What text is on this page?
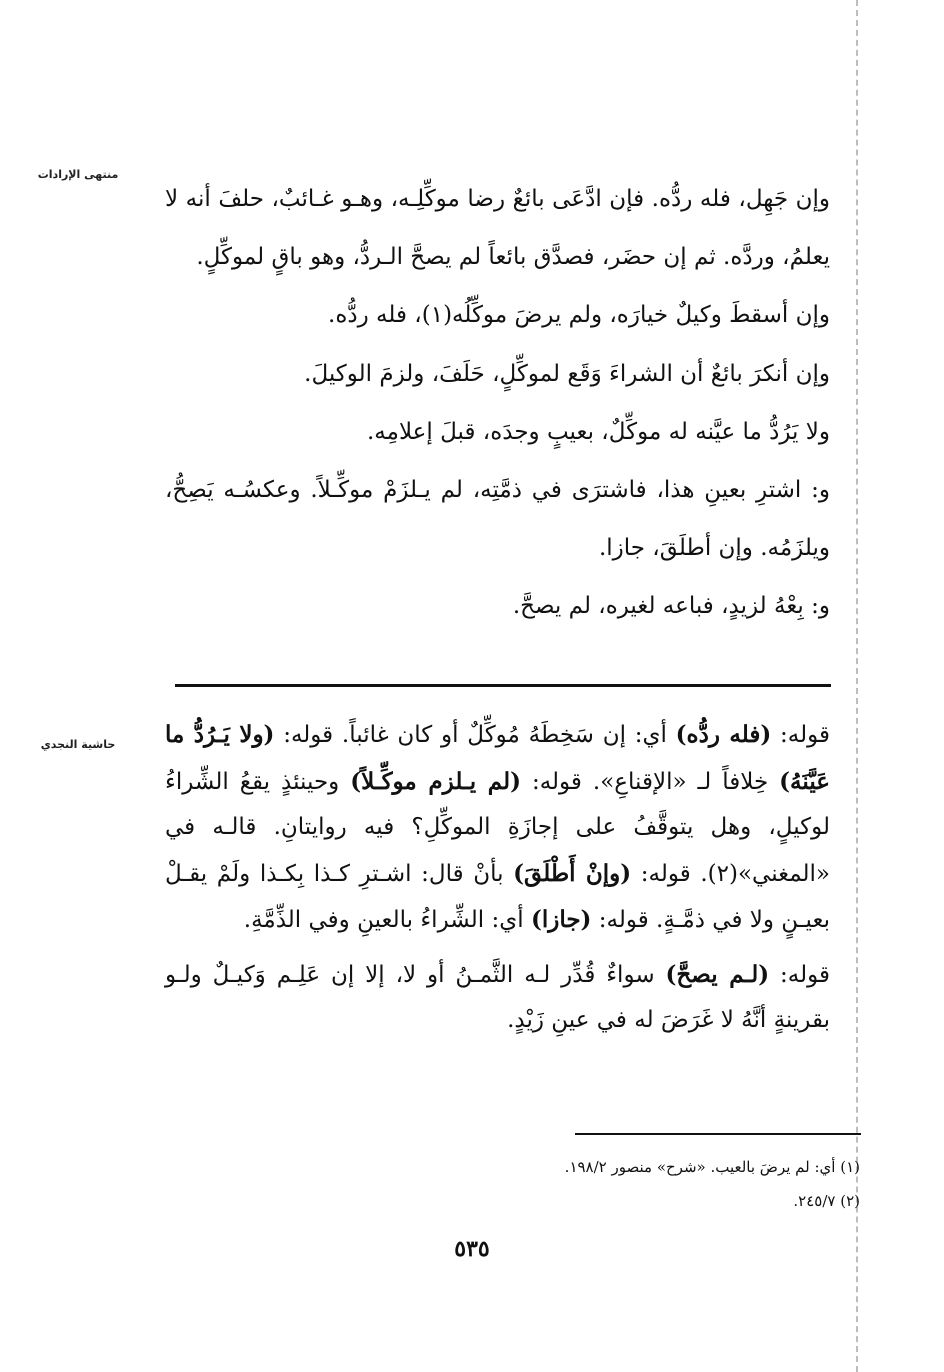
منتهى الإرادات
حاشية النجدي

وإن جَهِل، فله ردُّه. فإن ادَّعَى بائعٌ رضا موكِّلِـه، وهـو غـائبٌ، حلفَ أنه لا يعلمُ، وردَّه. ثم إن حضَر، فصدَّق بائعاً لم يصحَّ الـردُّ، وهو باقٍ لموكِّلٍ.

وإن أسقطَ وكيلٌ خيارَه، ولم يرضَ موكِّلُه(١)، فله ردُّه.

وإن أنكرَ بائعٌ أن الشراءَ وَقَع لموكِّلٍ، حَلَفَ، ولزمَ الوكيلَ.

ولا يَرُدُّ ما عيَّنه له موكِّلٌ، بعيبٍ وجدَه، قبلَ إعلامِه.

و: اشترِ بعينِ هذا، فاشترَى في ذمَّتِه، لم يـلزَمْ موكِّـلاً. وعكسُـه يَصِحُّ، ويلزَمُه. وإن أطلَقَ، جازا.

و: بِعْهُ لزيدٍ، فباعه لغيره، لم يصحَّ.

قوله: (فله ردُّه) أي: إن سَخِطَهُ مُوكِّلٌ أو كان غائباً. قوله: (ولا يَـرُدُّ ما عَيَّنَهُ) خِلافاً لـ «الإقناعِ». قوله: (لم يـلزم موكِّـلاً) وحينئذٍ يقعُ الشِّراءُ لوكيلٍ، وهل يتوقَّفُ على إجازَةِ الموكِّلِ؟ فيه روايتانِ. قالـه في «المغني»(٢). قوله: (وإنْ أَطْلَقَ) بأنْ قال: اشـترِ كـذا بِكـذا ولَمْ يقـلْ بعيـنٍ ولا في ذمَّـةٍ. قوله: (جازا) أي: الشِّراءُ بالعينِ وفي الذِّمَّةِ.

قوله: (لـم يصحَّ) سواءٌ قُدِّر لـه الثَّمـنُ أو لا، إلا إن عَلِـم وَكيـلٌ ولـو بقرينةٍ أنَّهُ لا غَرَضَ له في عينِ زَيْدٍ.

(١) أي: لم يرضَ بالعيب. «شرح» منصور ١٩٨/٢.
(٢) ٢٤٥/٧.
٥٣٥
